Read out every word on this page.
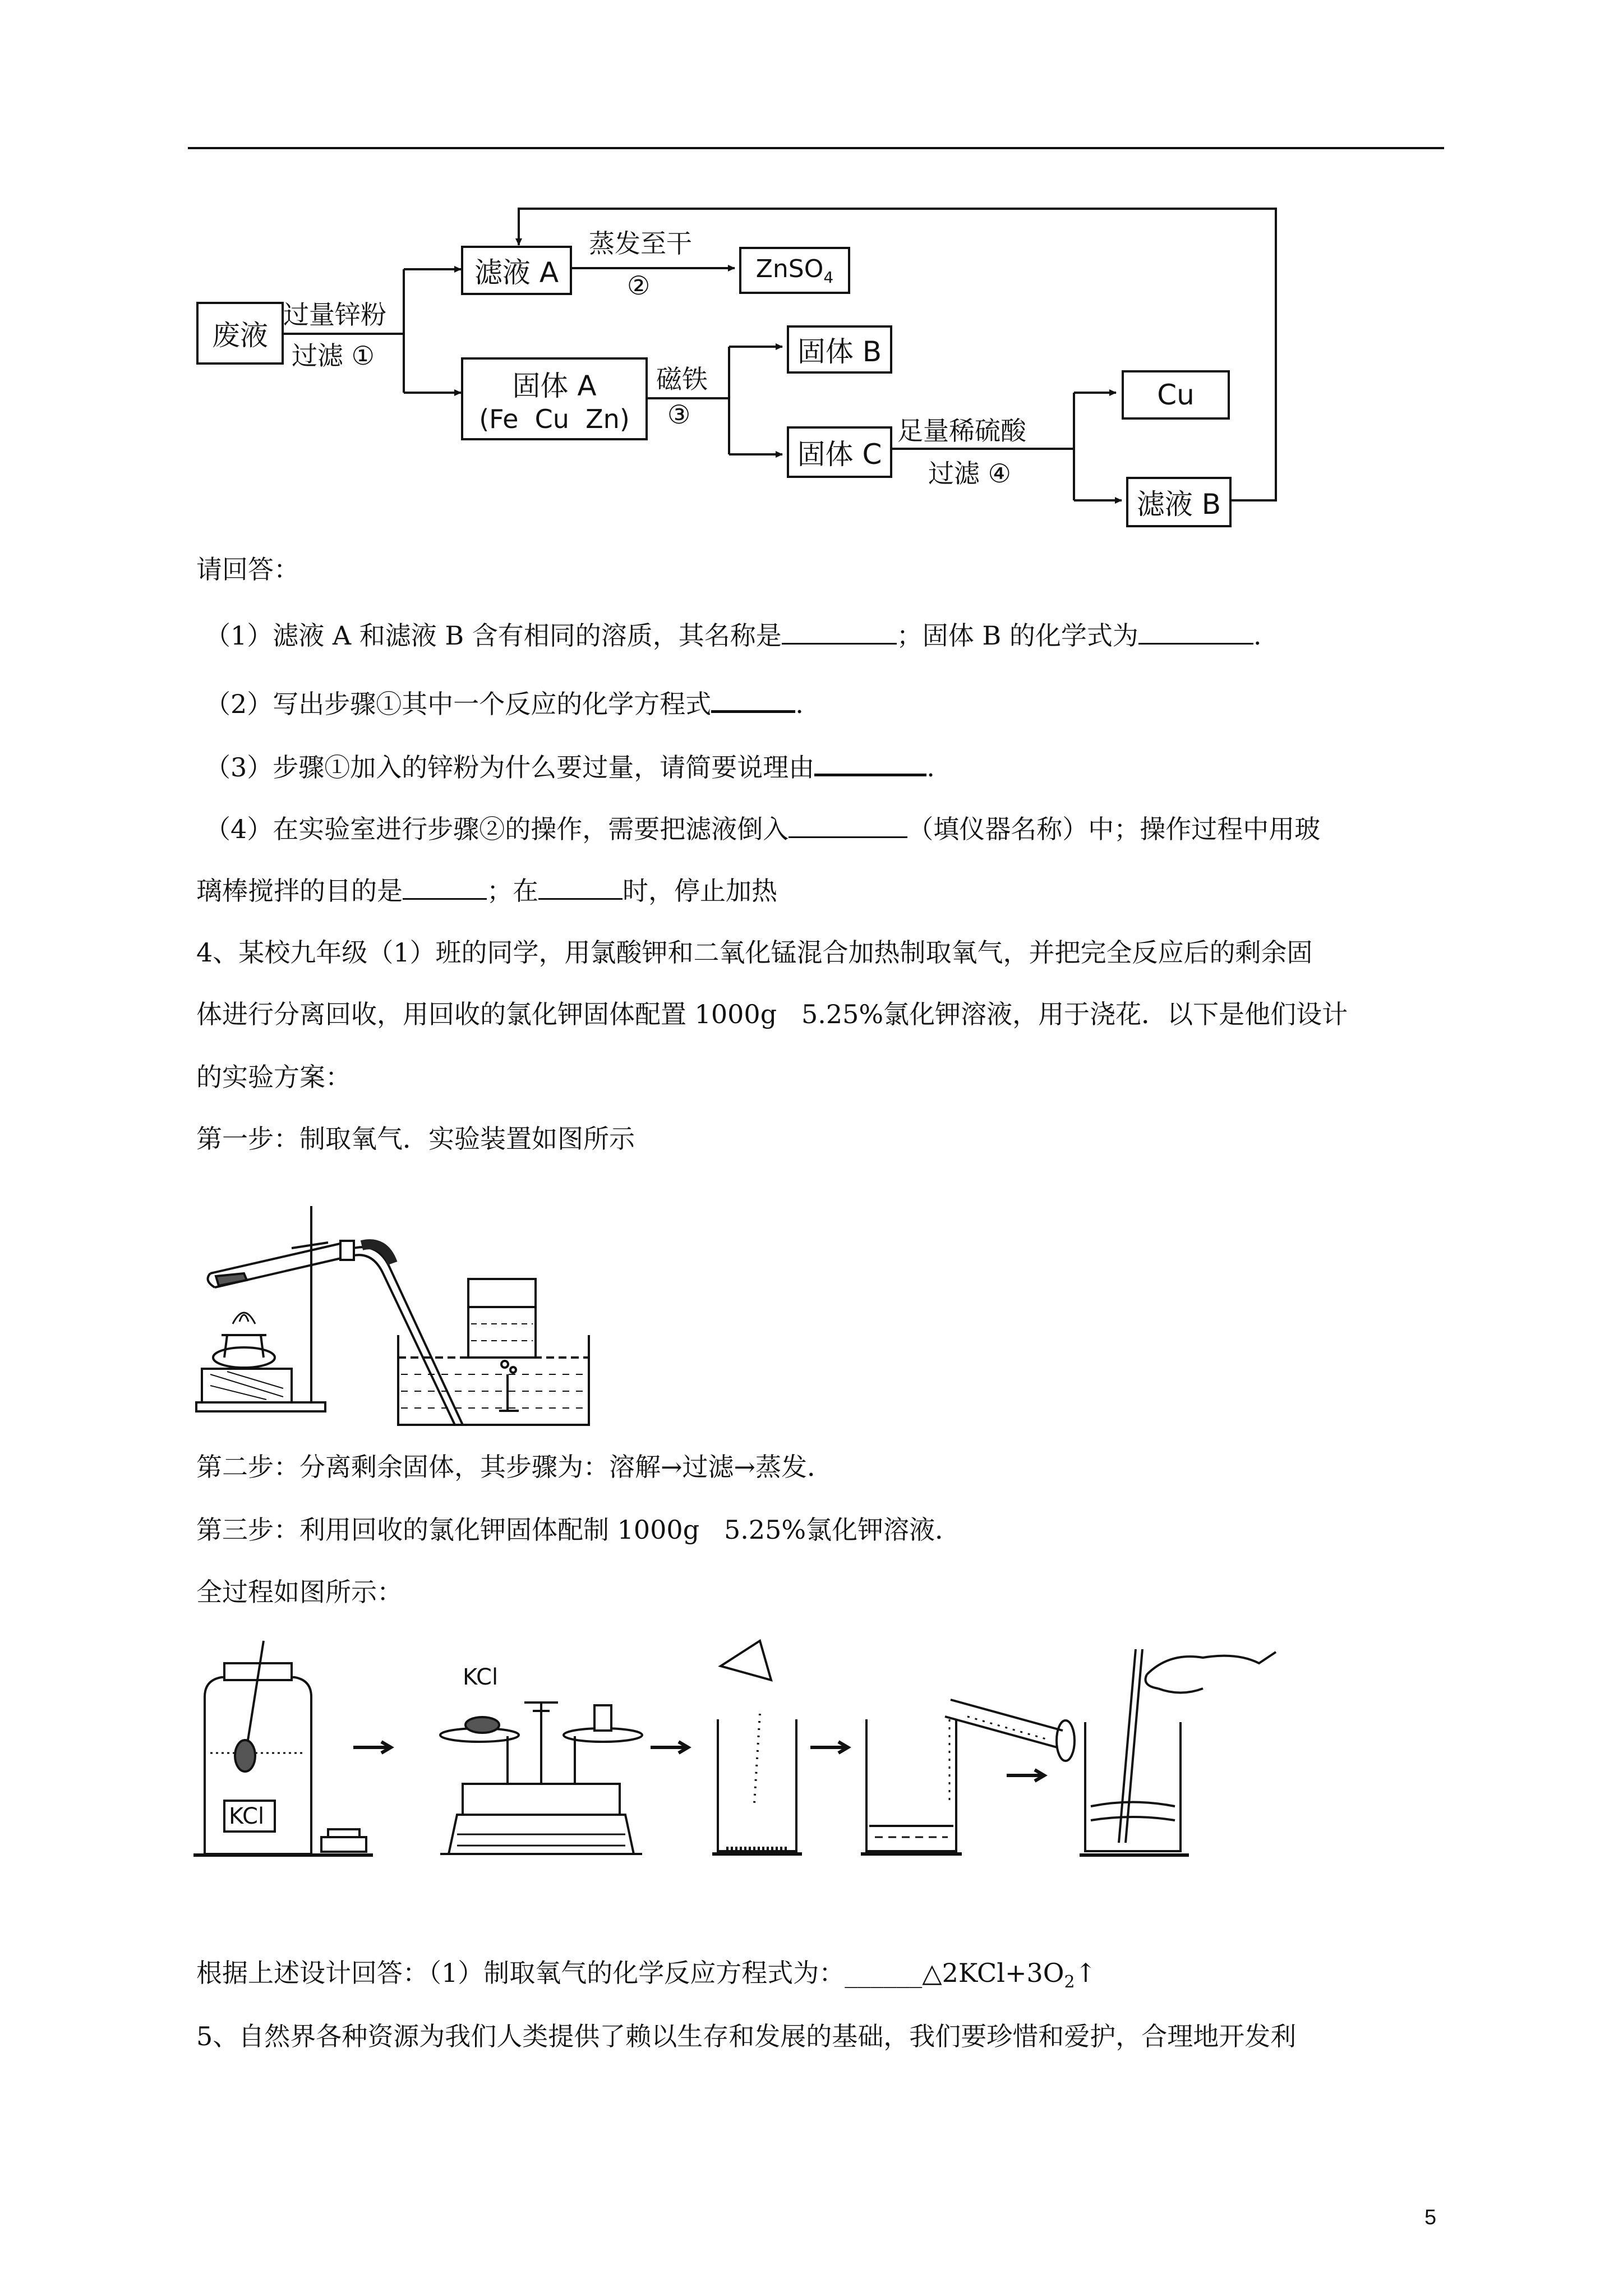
废液
过量锌粉
过滤 ①
滤液 A
蒸发至干
②
ZnSO$_4$
固体 A
(Fe  Cu  Zn)
磁铁
③
固体 B
固体 C
足量稀硫酸
过滤 ④
Cu
滤液 B
请回答：
（1）滤液 A 和滤液 B 含有相同的溶质，其名称是	；固体 B 的化学式为	.
（2）写出步骤①其中一个反应的化学方程式	.
（3）步骤①加入的锌粉为什么要过量，请简要说理由	.
（4）在实验室进行步骤②的操作，需要把滤液倒入	（填仪器名称）中；操作过程中用玻
璃棒搅拌的目的是	；在	时，停止加热
4、某校九年级（1）班的同学，用氯酸钾和二氧化锰混合加热制取氧气，并把完全反应后的剩余固
体进行分离回收，用回收的氯化钾固体配置 1000g   5.25%氯化钾溶液，用于浇花．以下是他们设计
的实验方案：
第一步：制取氧气．实验装置如图所示
第二步：分离剩余固体，其步骤为：溶解→过滤→蒸发．
第三步：利用回收的氯化钾固体配制 1000g   5.25%氯化钾溶液．
全过程如图所示：
KCl
KCl
根据上述设计回答：（1）制取氧气的化学反应方程式为：$\_\_\_\_\_\_\triangle 2KCl+3O_2↑$
5、自然界各种资源为我们人类提供了赖以生存和发展的基础，我们要珍惜和爱护，合理地开发利
5
